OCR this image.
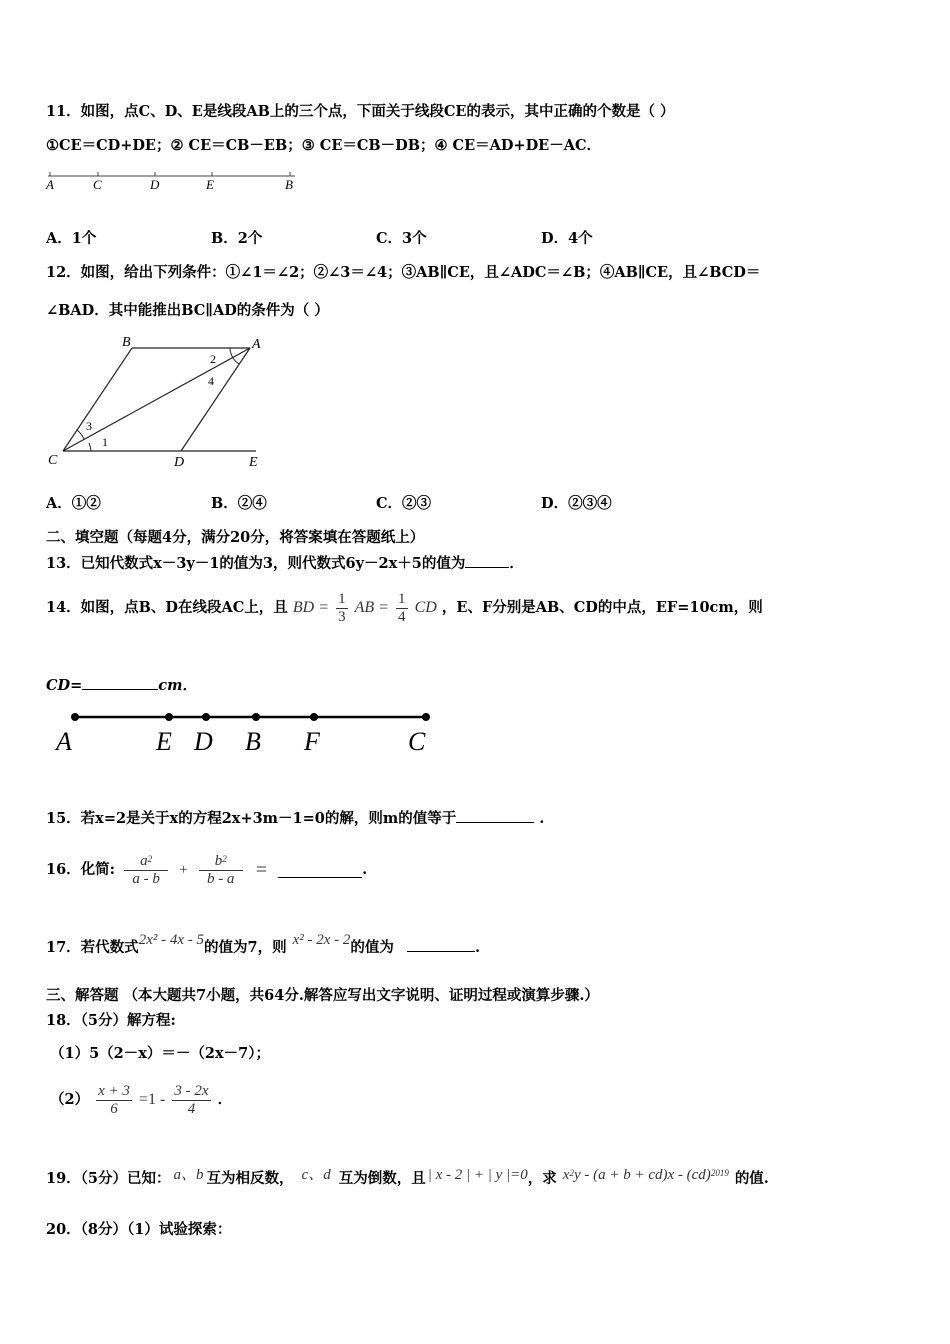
11．如图，点C、D、E是线段AB上的三个点，下面关于线段CE的表示，其中正确的个数是（ ）
①CE＝CD+DE；② CE＝CB－EB；③ CE＝CB－DB；④ CE＝AD+DE－AC．
A	C	D	E	B
A．1个	B．2个	C．3个	D．4个
12．如图，给出下列条件：①∠1＝∠2；②∠3＝∠4；③AB∥CE，且∠ADC＝∠B；④AB∥CE，且∠BCD＝
∠BAD．其中能推出BC∥AD的条件为（ ）
B	A
2
4
3
1
C	D	E
A．①②	B．②④	C．②③	D．②③④
二、填空题（每题4分，满分20分，将答案填在答题纸上）
13．已知代数式x－3y－1的值为3，则代数式6y－2x＋5的值为	．
14．如图，点B、D在线段AC上，且 BD = $\frac{1}{3}$ AB = $\frac{1}{4}$ CD ，E、F分别是AB、CD的中点，EF=10cm，则
CD=	cm．
A	E D B F	C
15．若x=2是关于x的方程2x+3m－1=0的解，则m的值等于	.
16．化简: $\frac{a^2}{a - b} + \frac{b^2}{b - a}$ =	.
17．若代数式2x² - 4x - 5的值为7，则 x² - 2x - 2的值为	.
三、解答题 （本大题共7小题，共64分.解答应写出文字说明、证明过程或演算步骤.）
18．（5分）解方程:
（1）5（2－x）＝－（2x－7）；
$(2) \frac{x + 3}{6} =1 - \frac{3 - 2x}{4}$ ．
19．（5分）已知： a、b 互为相反数， c、d 互为倒数，且 | x - 2 | + | y |=0，求 $x^2y - (a + b + cd)x - (cd)^{2019}$ 的值.
20．（8分）（1）试验探索：
